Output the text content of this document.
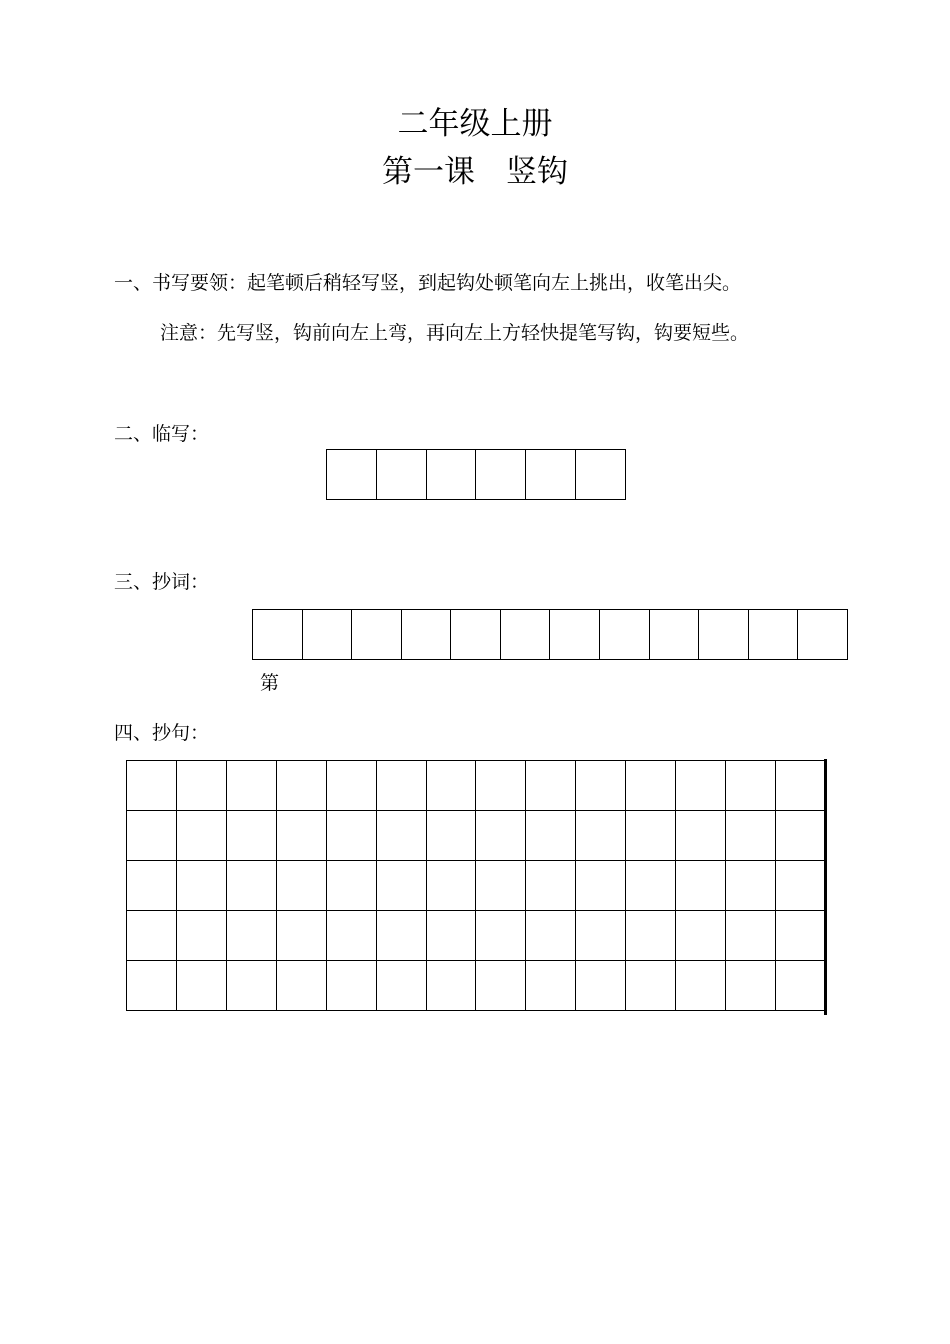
二年级上册
第一课　竖钩
一、书写要领：起笔顿后稍轻写竖，到起钩处顿笔向左上挑出，收笔出尖。
注意：先写竖，钩前向左上弯，再向左上方轻快提笔写钩，钩要短些。
二、临写：

三、抄词：

第
四、抄句：
